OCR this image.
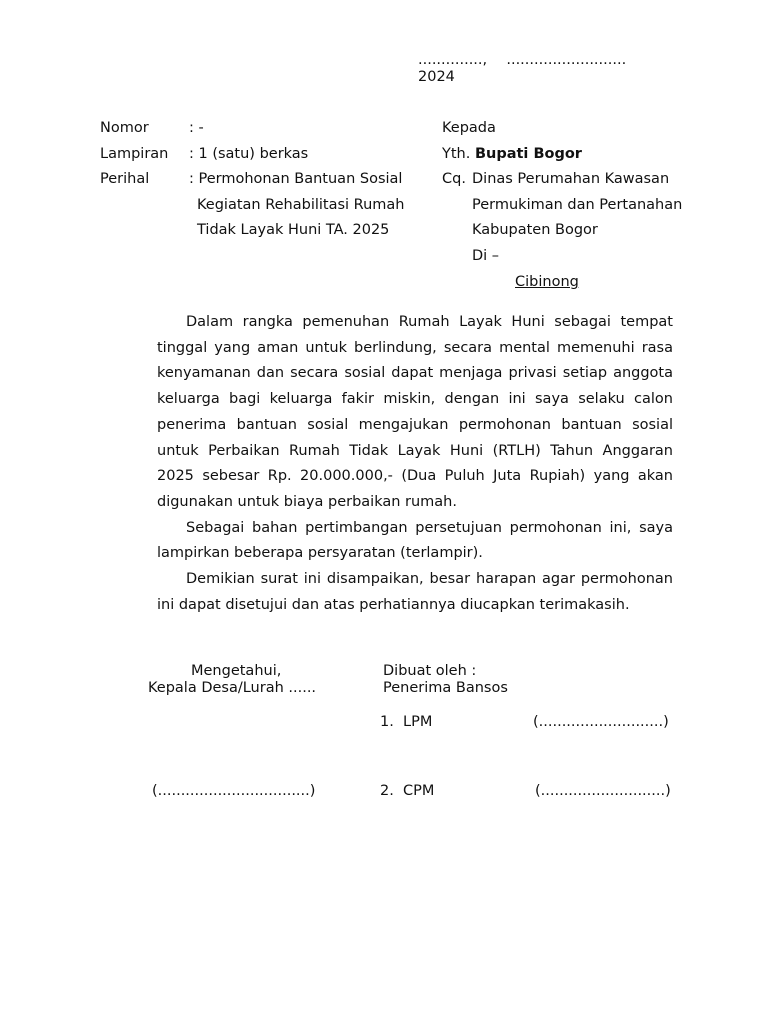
.............., ..........................
2024
Nomor	: -
Lampiran : 1 (satu) berkas
Perihal	: Permohonan Bantuan Sosial
Kegiatan Rehabilitasi Rumah
Tidak Layak Huni TA. 2025
Kepada
Yth. Bupati Bogor
Cq. Dinas Perumahan Kawasan
Permukiman dan Pertanahan
Kabupaten Bogor
Di –
Cibinong

Dalam rangka pemenuhan Rumah Layak Huni sebagai tempat tinggal yang aman untuk berlindung, secara mental memenuhi rasa kenyamanan dan secara sosial dapat menjaga privasi setiap anggota keluarga bagi keluarga fakir miskin, dengan ini saya selaku calon penerima bantuan sosial mengajukan permohonan bantuan sosial untuk Perbaikan Rumah Tidak Layak Huni (RTLH) Tahun Anggaran 2025 sebesar Rp. 20.000.000,- (Dua Puluh Juta Rupiah) yang akan digunakan untuk biaya perbaikan rumah.

Sebagai bahan pertimbangan persetujuan permohonan ini, saya lampirkan beberapa persyaratan (terlampir).

Demikian surat ini disampaikan, besar harapan agar permohonan ini dapat disetujui dan atas perhatiannya diucapkan terimakasih.

Mengetahui,
Kepala Desa/Lurah ......
(.................................)
Dibuat oleh :
Penerima Bansos
1. LPM	(...........................)
2. CPM	(...........................)
